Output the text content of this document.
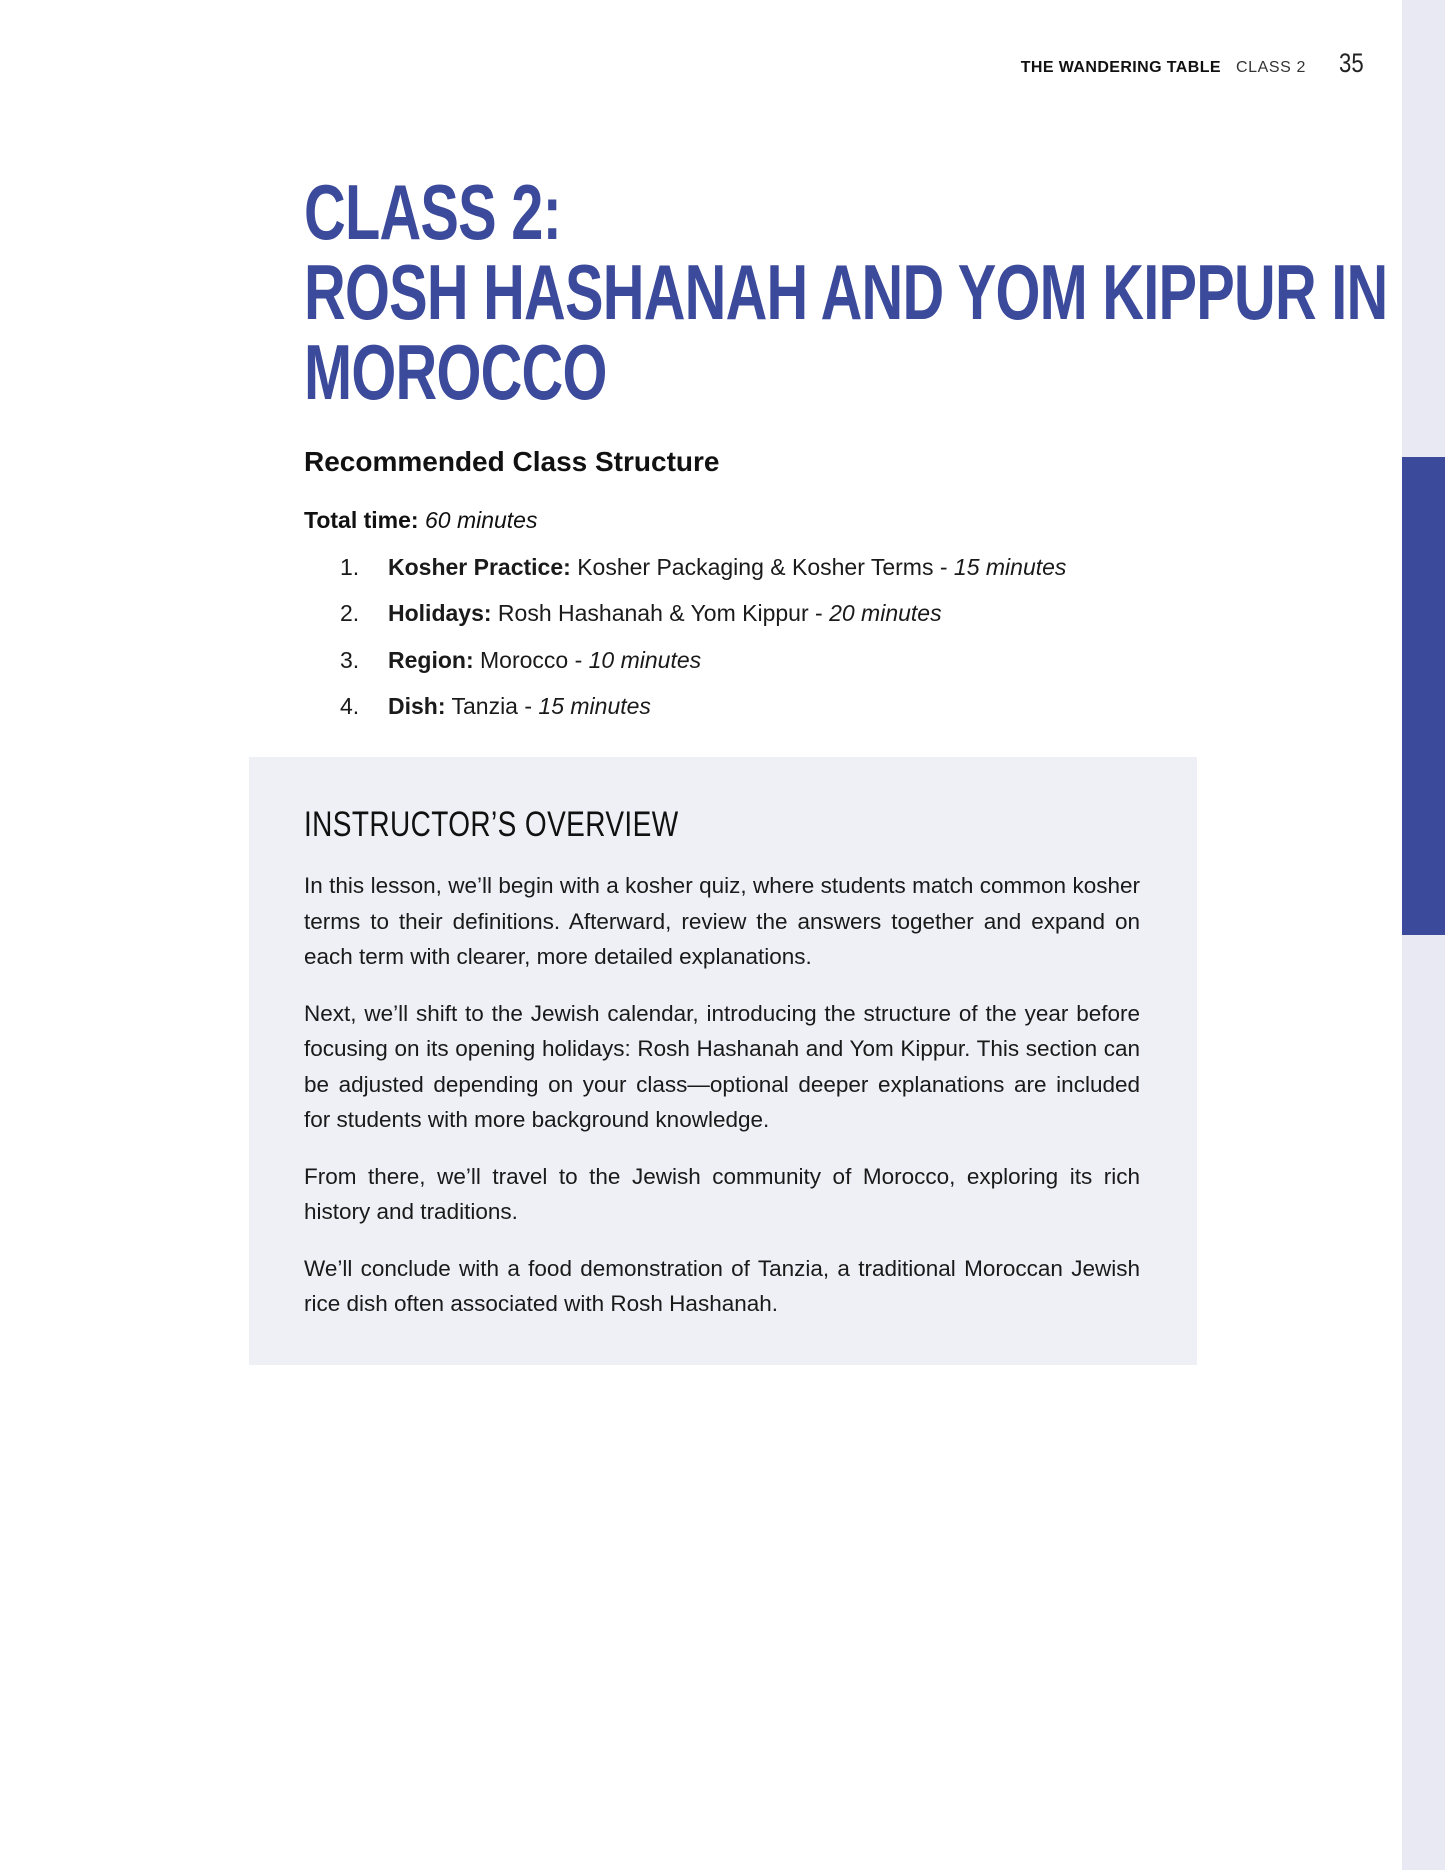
THE WANDERING TABLE CLASS 2 35
CLASS 2:
ROSH HASHANAH AND YOM KIPPUR IN
MOROCCO
Recommended Class Structure
Total time: 60 minutes
1.	Kosher Practice: Kosher Packaging & Kosher Terms - 15 minutes
2.	Holidays: Rosh Hashanah & Yom Kippur - 20 minutes
3.	Region: Morocco - 10 minutes
4.	Dish: Tanzia - 15 minutes
INSTRUCTOR’S OVERVIEW

In this lesson, we’ll begin with a kosher quiz, where students match common kosher terms to their definitions. Afterward, review the answers together and expand on each term with clearer, more detailed explanations.

Next, we’ll shift to the Jewish calendar, introducing the structure of the year before focusing on its opening holidays: Rosh Hashanah and Yom Kippur. This section can be adjusted depending on your class—optional deeper explanations are included for students with more background knowledge.

From there, we’ll travel to the Jewish community of Morocco, exploring its rich history and traditions.

We’ll conclude with a food demonstration of Tanzia, a traditional Moroccan Jewish rice dish often associated with Rosh Hashanah.
